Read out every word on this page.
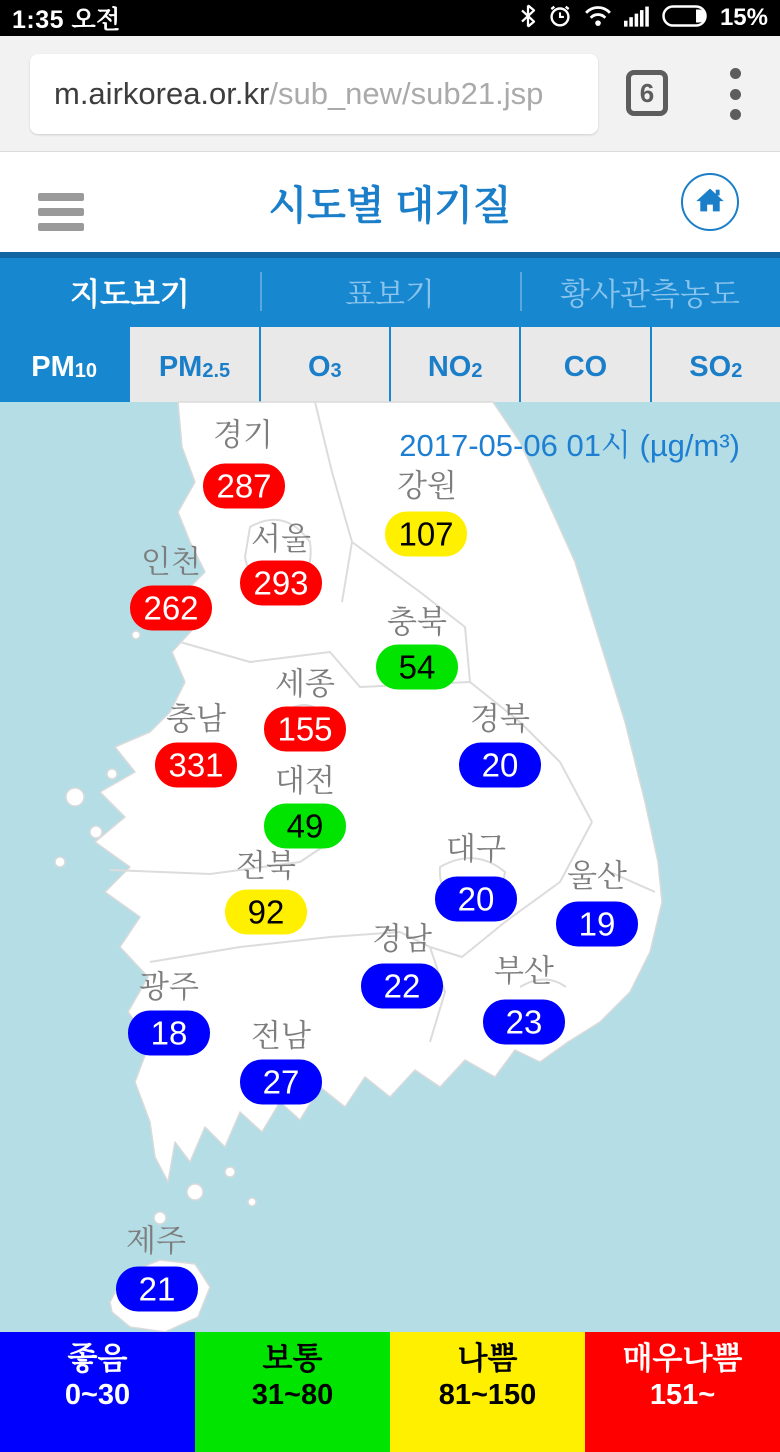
1:35 오전	15%
m.airkorea.or.kr /sub_new/sub21.jsp	6
시도별 대기질
지도보기	표보기	황사관측농도
PM 10 PM 2.5	O 3	NO 2	CO	SO 2
2017-05-06 01시 (µg/m³)
경기
287	강원
107
서울
293
인천
262	충북
54
세종
155
충남
331
경북
20
대전
49
대구
20
전북
92
울산
19
경남
22	부산
23
광주
18	전남
27
제주
21
좋음
0~30
보통
31~80
나쁨
81~150
매우나쁨
151~
